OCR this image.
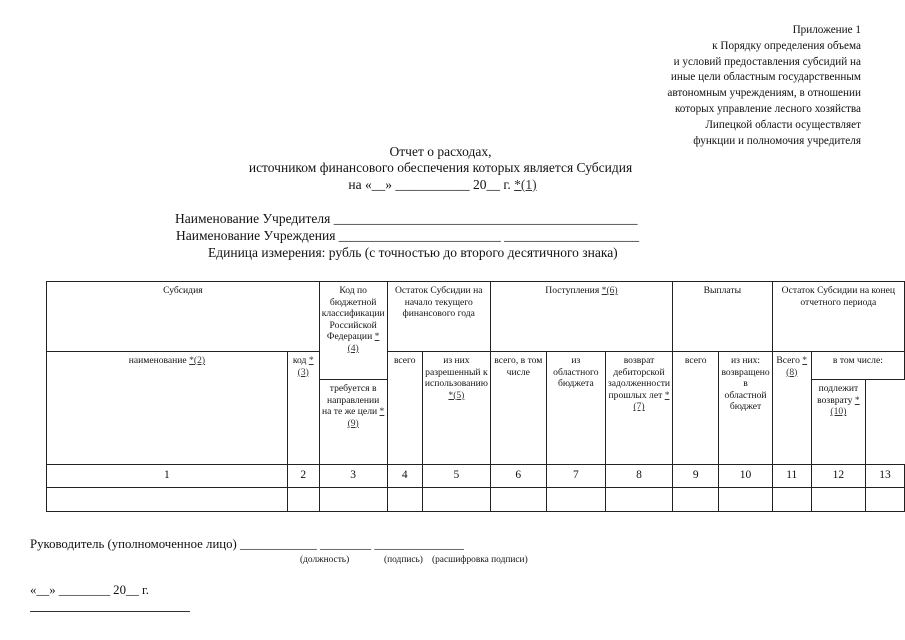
Приложение 1
к Порядку определения объема
и условий предоставления субсидий на
иные цели областным государственным
автономным учреждениям, в отношении
которых управление лесного хозяйства
Липецкой области осуществляет
функции и полномочия учредителя
Отчет о расходах,
источником финансового обеспечения которых является Субсидия
на «__» ___________ 20__ г. *(1)
Наименование Учредителя _____________________________________________
Наименование Учреждения ________________________ ____________________
Единица измерения: рубль (с точностью до второго десятичного знака)
Субсидия		Код по бюджетной классификации Российской Федерации *(4)	Остаток Субсидии на начало текущего финансового года		Поступления *(6)			Выплаты		Остаток Субсидии на конец отчетного периода		
наименование *(2)	код *(3)		всего	из них разрешенный к использованию *(5)	всего, в том числе	из областного бюджета	возврат дебиторской задолженности прошлых лет *(7)	всего	из них: возвращено в областной бюджет	Всего *(8)	в том числе:	
		требуется в направлении на те же цели *(9)									подлежит возврату *(10)	
1	2	3	4	5	6	7	8	9	10	11	12	13

Руководитель (уполномоченное лицо) ____________ ________ ______________
(должность)	(подпись) (расшифровка подписи)
«__» ________ 20__ г.
